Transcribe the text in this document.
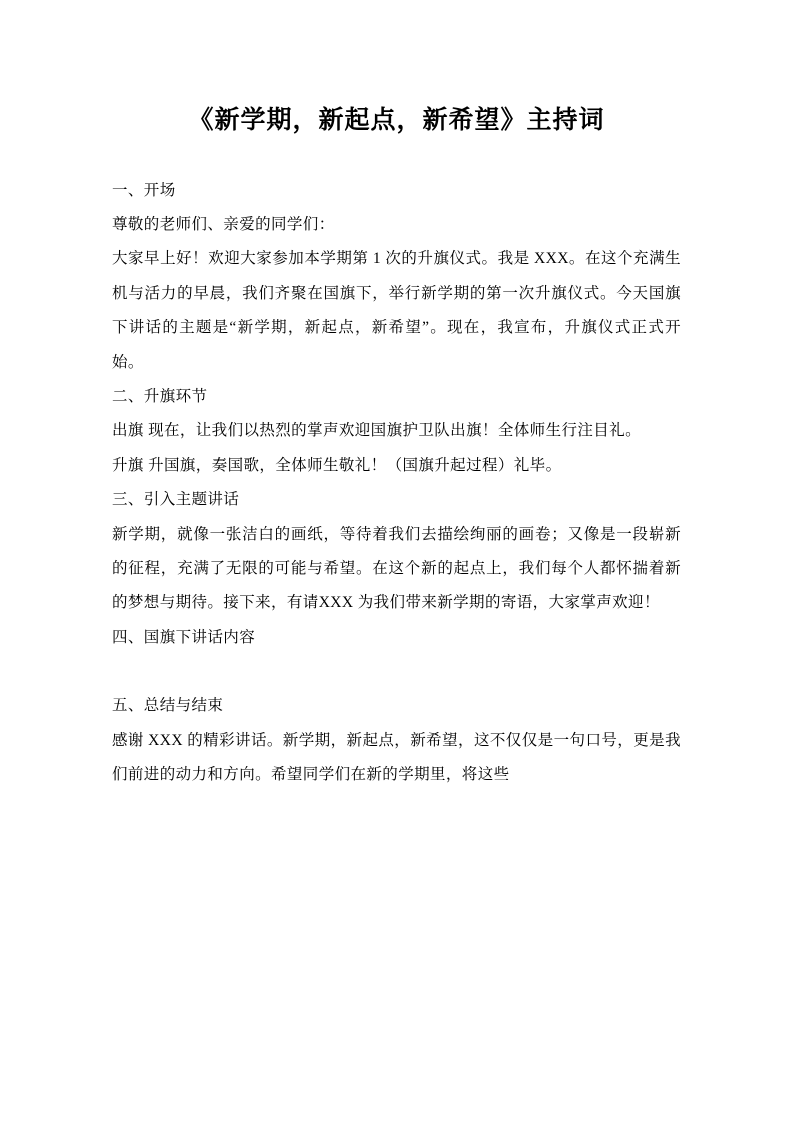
《新学期，新起点，新希望》主持词

一、开场

尊敬的老师们、亲爱的同学们：

大家早上好！欢迎大家参加本学期第 1 次的升旗仪式。我是 XXX。在这个充满生机与活力的早晨，我们齐聚在国旗下，举行新学期的第一次升旗仪式。今天国旗下讲话的主题是“新学期，新起点，新希望”。现在，我宣布，升旗仪式正式开始。

二、升旗环节

出旗 现在，让我们以热烈的掌声欢迎国旗护卫队出旗！全体师生行注目礼。

升旗 升国旗，奏国歌，全体师生敬礼！（国旗升起过程）礼毕。

三、引入主题讲话

新学期，就像一张洁白的画纸，等待着我们去描绘绚丽的画卷；又像是一段崭新的征程，充满了无限的可能与希望。在这个新的起点上，我们每个人都怀揣着新的梦想与期待。接下来，有请XXX 为我们带来新学期的寄语，大家掌声欢迎！

四、国旗下讲话内容

五、总结与结束

感谢 XXX 的精彩讲话。新学期，新起点，新希望，这不仅仅是一句口号，更是我们前进的动力和方向。希望同学们在新的学期里，将这些
